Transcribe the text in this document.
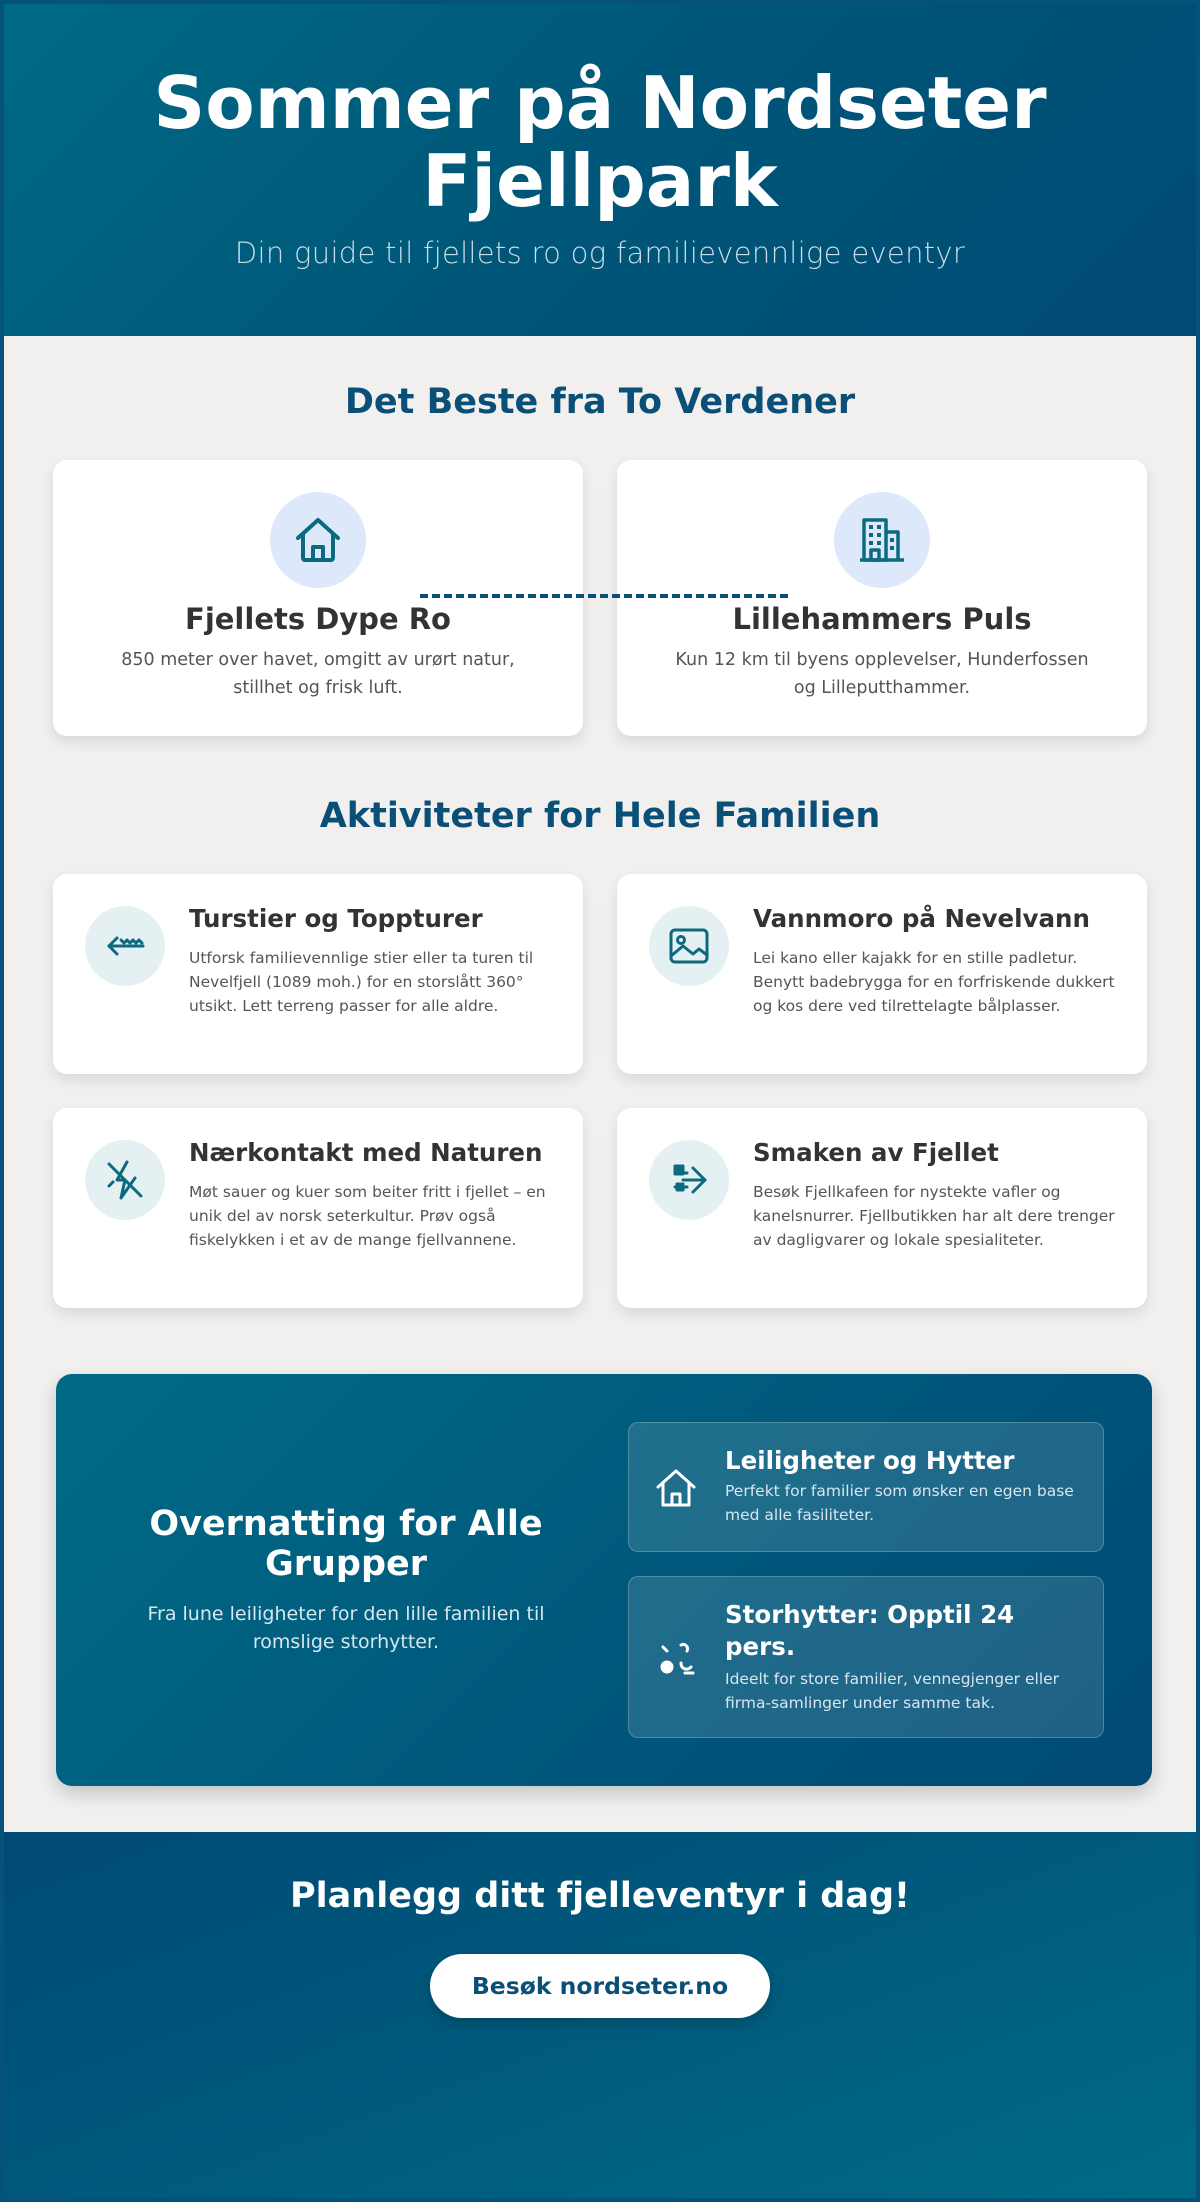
Sommer på Nordseter Fjellpark

Din guide til fjellets ro og familievennlige eventyr

Det Beste fra To Verdener
Fjellets Dype Ro
850 meter over havet, omgitt av urørt natur, stillhet og frisk luft.
Lillehammers Puls
Kun 12 km til byens opplevelser, Hunderfossen og Lilleputthammer.
Aktiviteter for Hele Familien
Turstier og Toppturer
Utforsk familievennlige stier eller ta turen til Nevelfjell (1089 moh.) for en storslått 360° utsikt. Lett terreng passer for alle aldre.
Vannmoro på Nevelvann
Lei kano eller kajakk for en stille padletur. Benytt badebrygga for en forfriskende dukkert og kos dere ved tilrettelagte bålplasser.
Nærkontakt med Naturen
Møt sauer og kuer som beiter fritt i fjellet – en unik del av norsk seterkultur. Prøv også fiskelykken i et av de mange fjellvannene.
Smaken av Fjellet
Besøk Fjellkafeen for nystekte vafler og kanelsnurrer. Fjellbutikken har alt dere trenger av dagligvarer og lokale spesialiteter.
Overnatting for Alle Grupper

Fra lune leiligheter for den lille familien til romslige storhytter.

Leiligheter og Hytter
Perfekt for familier som ønsker en egen base med alle fasiliteter.
Storhytter: Opptil 24 pers.
Ideelt for store familier, vennegjenger eller firma-samlinger under samme tak.
Planlegg ditt fjelleventyr i dag!
Besøk nordseter.no
